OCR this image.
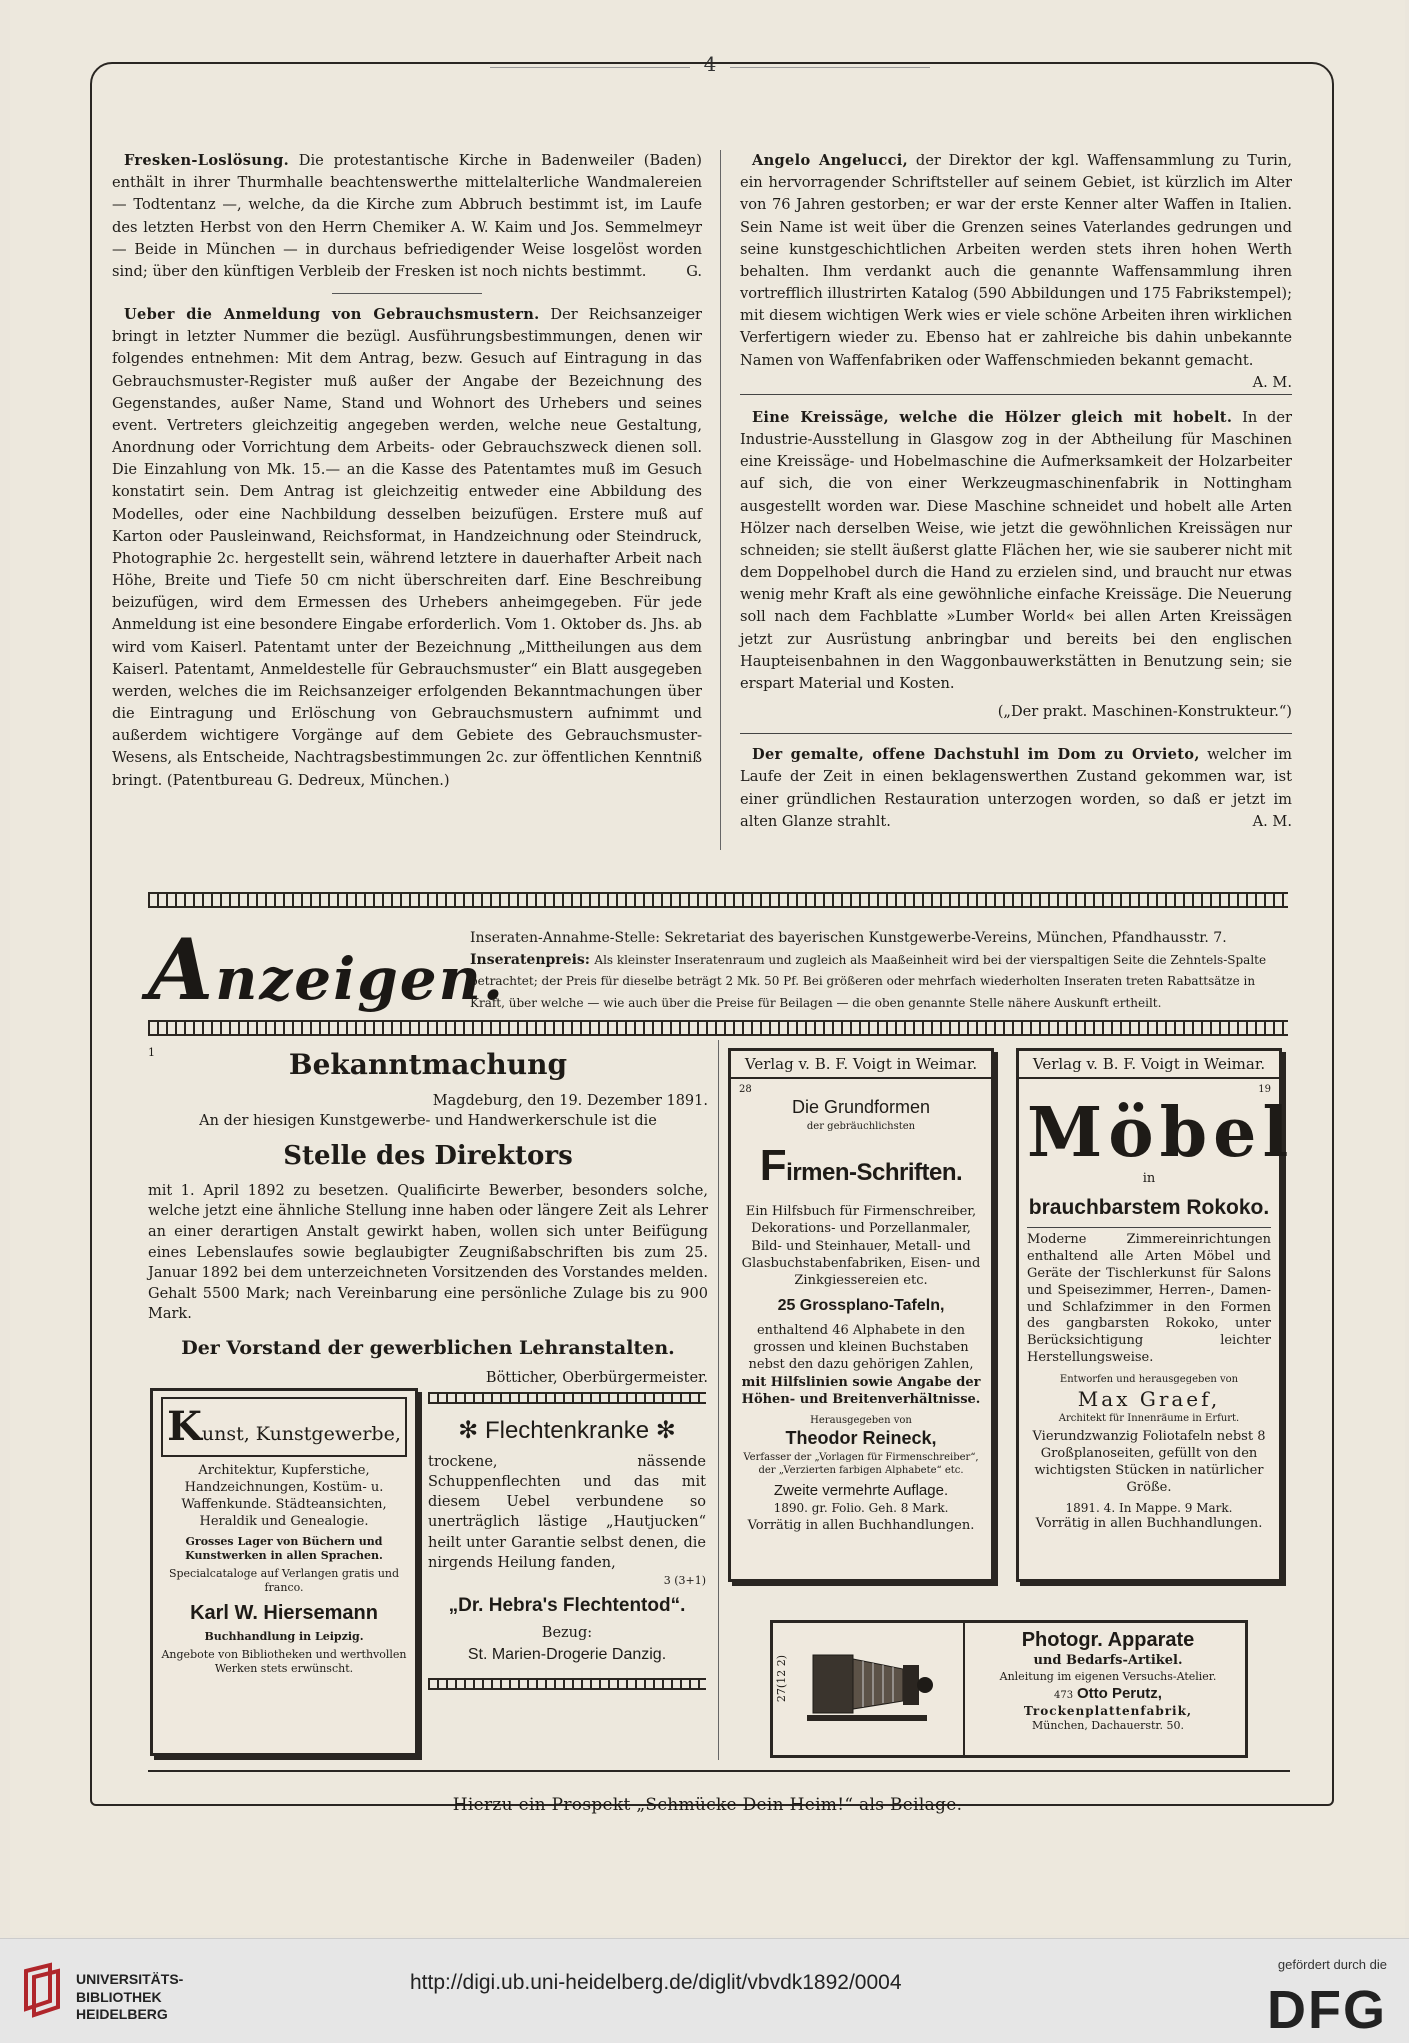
4

Fresken-Loslösung. Die protestantische Kirche in Badenweiler (Baden) enthält in ihrer Thurmhalle beachtenswerthe mittelalterliche Wandmalereien — Todtentanz —, welche, da die Kirche zum Abbruch bestimmt ist, im Laufe des letzten Herbst von den Herrn Chemiker A. W. Kaim und Jos. Semmelmeyr — Beide in München — in durchaus befriedigender Weise losgelöst worden sind; über den künftigen Verbleib der Fresken ist noch nichts bestimmt.	G.

Ueber die Anmeldung von Gebrauchsmustern. Der Reichsanzeiger bringt in letzter Nummer die bezügl. Ausführungsbestimmungen, denen wir folgendes entnehmen: Mit dem Antrag, bezw. Gesuch auf Eintragung in das Gebrauchsmuster-Register muß außer der Angabe der Bezeichnung des Gegenstandes, außer Name, Stand und Wohnort des Urhebers und seines event. Vertreters gleichzeitig angegeben werden, welche neue Gestaltung, Anordnung oder Vorrichtung dem Arbeits- oder Gebrauchszweck dienen soll. Die Einzahlung von Mk. 15.— an die Kasse des Patentamtes muß im Gesuch konstatirt sein. Dem Antrag ist gleichzeitig entweder eine Abbildung des Modelles, oder eine Nachbildung desselben beizufügen. Erstere muß auf Karton oder Pausleinwand, Reichsformat, in Handzeichnung oder Steindruck, Photographie 2c. hergestellt sein, während letztere in dauerhafter Arbeit nach Höhe, Breite und Tiefe 50 cm nicht überschreiten darf. Eine Beschreibung beizufügen, wird dem Ermessen des Urhebers anheimgegeben. Für jede Anmeldung ist eine besondere Eingabe erforderlich. Vom 1. Oktober ds. Jhs. ab wird vom Kaiserl. Patentamt unter der Bezeichnung „Mittheilungen aus dem Kaiserl. Patentamt, Anmeldestelle für Gebrauchsmuster“ ein Blatt ausgegeben werden, welches die im Reichsanzeiger erfolgenden Bekanntmachungen über die Eintragung und Erlöschung von Gebrauchsmustern aufnimmt und außerdem wichtigere Vorgänge auf dem Gebiete des Gebrauchsmuster-Wesens, als Entscheide, Nachtragsbestimmungen 2c. zur öffentlichen Kenntniß bringt. (Patentbureau G. Dedreux, München.)

Angelo Angelucci, der Direktor der kgl. Waffensammlung zu Turin, ein hervorragender Schriftsteller auf seinem Gebiet, ist kürzlich im Alter von 76 Jahren gestorben; er war der erste Kenner alter Waffen in Italien. Sein Name ist weit über die Grenzen seines Vaterlandes gedrungen und seine kunstgeschichtlichen Arbeiten werden stets ihren hohen Werth behalten. Ihm verdankt auch die genannte Waffensammlung ihren vortrefflich illustrirten Katalog (590 Abbildungen und 175 Fabrikstempel); mit diesem wichtigen Werk wies er viele schöne Arbeiten ihren wirklichen Verfertigern wieder zu. Ebenso hat er zahlreiche bis dahin unbekannte Namen von Waffenfabriken oder Waffenschmieden bekannt gemacht.
A. M.

Eine Kreissäge, welche die Hölzer gleich mit hobelt. In der Industrie-Ausstellung in Glasgow zog in der Abtheilung für Maschinen eine Kreissäge- und Hobelmaschine die Aufmerksamkeit der Holzarbeiter auf sich, die von einer Werkzeugmaschinenfabrik in Nottingham ausgestellt worden war. Diese Maschine schneidet und hobelt alle Arten Hölzer nach derselben Weise, wie jetzt die gewöhnlichen Kreissägen nur schneiden; sie stellt äußerst glatte Flächen her, wie sie sauberer nicht mit dem Doppelhobel durch die Hand zu erzielen sind, und braucht nur etwas wenig mehr Kraft als eine gewöhnliche einfache Kreissäge. Die Neuerung soll nach dem Fachblatte »Lumber World« bei allen Arten Kreissägen jetzt zur Ausrüstung anbringbar und bereits bei den englischen Haupteisenbahnen in den Waggonbauwerkstätten in Benutzung sein; sie erspart Material und Kosten.

(„Der prakt. Maschinen-Konstrukteur.“)

Der gemalte, offene Dachstuhl im Dom zu Orvieto, welcher im Laufe der Zeit in einen beklagenswerthen Zustand gekommen war, ist einer gründlichen Restauration unterzogen worden, so daß er jetzt im alten Glanze strahlt.	A. M.

Anzeigen.
Inseraten-Annahme-Stelle: Sekretariat des bayerischen Kunstgewerbe-Vereins, München, Pfandhausstr. 7.
Inseratenpreis: Als kleinster Inseratenraum und zugleich als Maaßeinheit wird bei der vierspaltigen Seite die Zehntels-Spalte betrachtet; der Preis für dieselbe beträgt 2 Mk. 50 Pf. Bei größeren oder mehrfach wiederholten Inseraten treten Rabattsätze in Kraft, über welche — wie auch über die Preise für Beilagen — die oben genannte Stelle nähere Auskunft ertheilt.
1	Bekanntmachung
Magdeburg, den 19. Dezember 1891.
An der hiesigen Kunstgewerbe- und Handwerkerschule ist die
Stelle des Direktors
mit 1. April 1892 zu besetzen. Qualificirte Bewerber, besonders solche, welche jetzt eine ähnliche Stellung inne haben oder längere Zeit als Lehrer an einer derartigen Anstalt gewirkt haben, wollen sich unter Beifügung eines Lebenslaufes sowie beglaubigter Zeugnißabschriften bis zum 25. Januar 1892 bei dem unterzeichneten Vorsitzenden des Vorstandes melden. Gehalt 5500 Mark; nach Vereinbarung eine persönliche Zulage bis zu 900 Mark.
Der Vorstand der gewerblichen Lehranstalten.
Bötticher, Oberbürgermeister.
Verlag v. B. F. Voigt in Weimar.
28
Die Grundformen
der gebräuchlichsten
Firmen-Schriften.
Ein Hilfsbuch für Firmenschreiber, Dekorations- und Porzellanmaler, Bild- und Steinhauer, Metall- und Glasbuchstabenfabriken, Eisen- und Zinkgiessereien etc.
25 Grossplano-Tafeln,
enthaltend 46 Alphabete in den grossen und kleinen Buchstaben nebst den dazu gehörigen Zahlen,
mit Hilfslinien sowie Angabe der Höhen- und Breitenverhältnisse.
Herausgegeben von
Theodor Reineck,
Verfasser der „Vorlagen für Firmenschreiber“, der „Verzierten farbigen Alphabete“ etc.
Zweite vermehrte Auflage.
1890. gr. Folio. Geh. 8 Mark.
Vorrätig in allen Buchhandlungen.
Verlag v. B. F. Voigt in Weimar.
19
Möbel
in
brauchbarstem Rokoko.
Moderne Zimmereinrichtungen enthaltend alle Arten Möbel und Geräte der Tischlerkunst für Salons und Speisezimmer, Herren-, Damen- und Schlafzimmer in den Formen des gangbarsten Rokoko, unter Berücksichtigung leichter Herstellungsweise.
Entworfen und herausgegeben von
Max Graef,
Architekt für Innenräume in Erfurt.
Vierundzwanzig Foliotafeln nebst 8 Großplanoseiten, gefüllt von den wichtigsten Stücken in natürlicher Größe.
1891. 4. In Mappe. 9 Mark.
Vorrätig in allen Buchhandlungen.
Kunst, Kunstgewerbe,
Architektur, Kupferstiche, Handzeichnungen, Kostüm- u. Waffenkunde. Städteansichten, Heraldik und Genealogie.
Grosses Lager von Büchern und Kunstwerken in allen Sprachen.
Specialcataloge auf Verlangen gratis und franco.
Karl W. Hiersemann
Buchhandlung in Leipzig.
Angebote von Bibliotheken und werthvollen Werken stets erwünscht.
✻ Flechtenkranke ✻
trockene, nässende Schuppenflechten und das mit diesem Uebel verbundene so unerträglich lästige „Hautjucken“ heilt unter Garantie selbst denen, die nirgends Heilung fanden,
3 (3+1)
„Dr. Hebra's Flechtentod“.
Bezug:
St. Marien-Drogerie Danzig.
27(12 2)
Photogr. Apparate
und Bedarfs-Artikel.
Anleitung im eigenen Versuchs-Atelier.
473 Otto Perutz,
Trockenplattenfabrik,
München, Dachauerstr. 50.
Hierzu ein Prospekt „Schmücke Dein Heim!“ als Beilage.
UNIVERSITÄTS-
BIBLIOTHEK
HEIDELBERG
http://digi.ub.uni-heidelberg.de/diglit/vbvdk1892/0004
gefördert durch die
DFG
